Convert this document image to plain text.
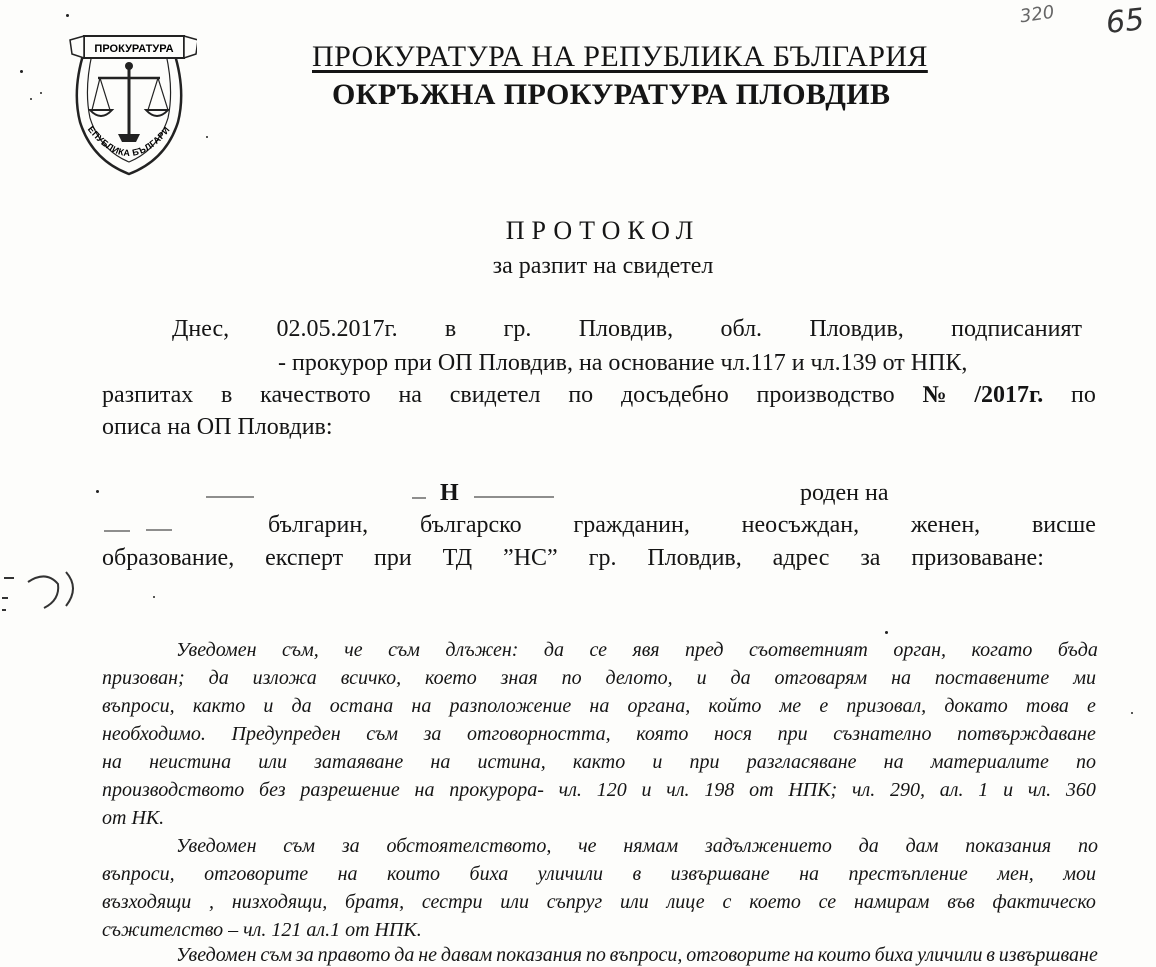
ПРОКУРАТУРА
ЕПУБЛИКА БЪЛГАРИ
ПРОКУРАТУРА НА РЕПУБЛИКА БЪЛГАРИЯ
ОКРЪЖНА ПРОКУРАТУРА ПЛОВДИВ
320 65
ПРОТОКОЛ
за разпит на свидетел
Днес, 02.05.2017г. в гр. Пловдив, обл. Пловдив, подписаният
- прокурор при ОП Пловдив, на основание чл.117 и чл.139 от НПК,
разпитах в качеството на свидетел по досъдебно производство № /2017г. по
описа на ОП Пловдив:
Н	роден на
българин, българско гражданин, неосъждан, женен, висше
образование, експерт при ТД ”НС” гр. Пловдив, адрес за призоваване:
Уведомен съм, че съм длъжен: да се явя пред съответният орган, когато бъда
призован; да изложа всичко, което зная по делото, и да отговарям на поставените ми
въпроси, както и да остана на разположение на органа, който ме е призовал, докато това е
необходимо. Предупреден съм за отговорността, която нося при съзнателно потвърждаване
на неистина или затаяване на истина, както и при разгласяване на материалите по
производството без разрешение на прокурора- чл. 120 и чл. 198 от НПК; чл. 290, ал. 1 и чл. 360
от НК.
Уведомен съм за обстоятелството, че нямам задължението да дам показания по
въпроси, отговорите на които биха уличили в извършване на престъпление мен, мои
възходящи , низходящи, братя, сестри или съпруг или лице с което се намирам във фактическо
съжителство – чл. 121 ал.1 от НПК.
Уведомен съм за правото да не давам показания по въпроси, отговорите на които биха уличили в извършване
